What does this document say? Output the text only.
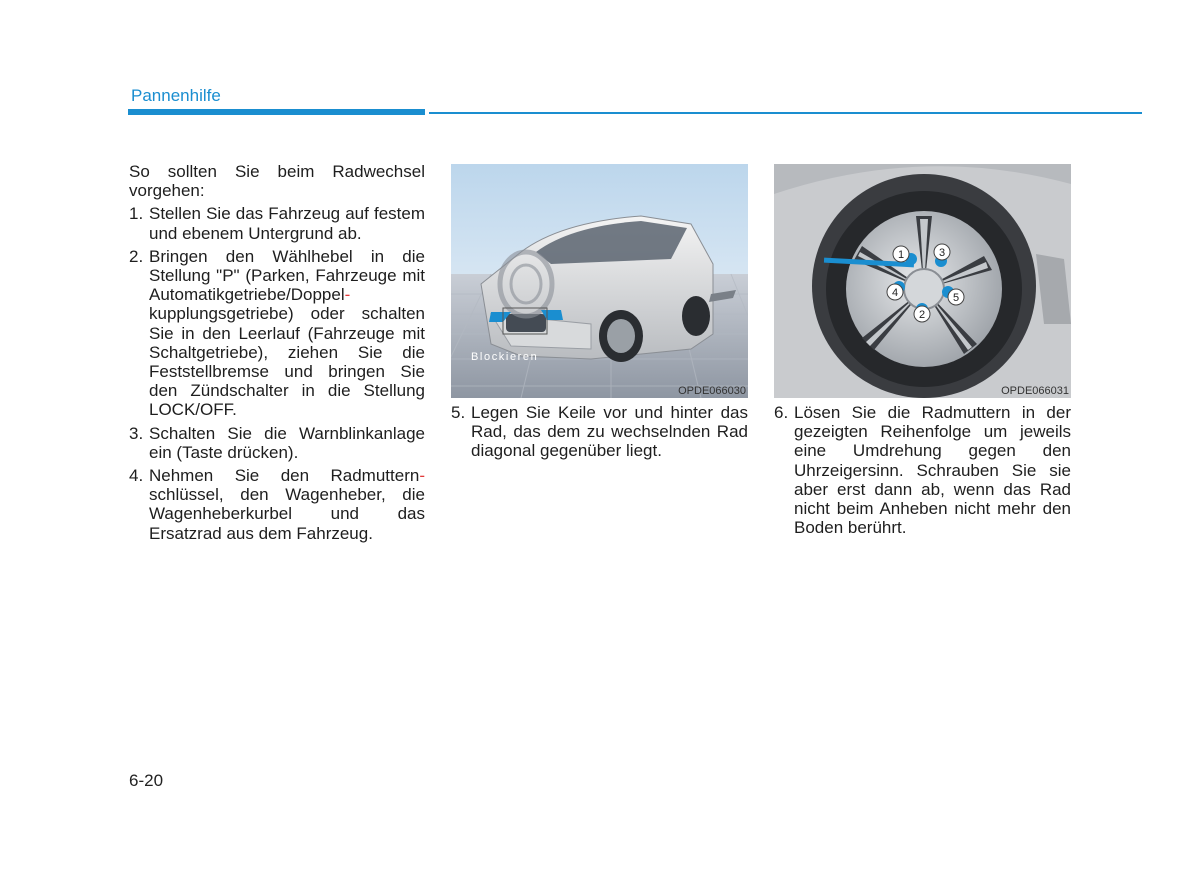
Pannenhilfe

So sollten Sie beim Radwechsel vorgehen:

1. Stellen Sie das Fahrzeug auf festem und ebenem Untergrund ab.
2. Bringen den Wählhebel in die Stellung "P" (Parken, Fahrzeuge mit Automatikgetriebe/Doppel- kupplungsgetriebe) oder schalten Sie in den Leerlauf (Fahrzeuge mit Schaltgetriebe), ziehen Sie die Feststellbremse und bringen Sie den Zündschalter in die Stellung LOCK/OFF.
3. Schalten Sie die Warnblinkanlage ein (Taste drücken).
4. Nehmen Sie den Radmuttern- schlüssel, den Wagenheber, die Wagenheberkurbel und das Ersatzrad aus dem Fahrzeug.
Blockieren
OPDE066030
1
2
3
4	5
OPDE066031
5. Legen Sie Keile vor und hinter das Rad, das dem zu wechselnden Rad diagonal gegenüber liegt.
6. Lösen Sie die Radmuttern in der gezeigten Reihenfolge um jeweils eine Umdrehung gegen den Uhrzeigersinn. Schrauben Sie sie aber erst dann ab, wenn das Rad nicht beim Anheben nicht mehr den Boden berührt.
6-20
